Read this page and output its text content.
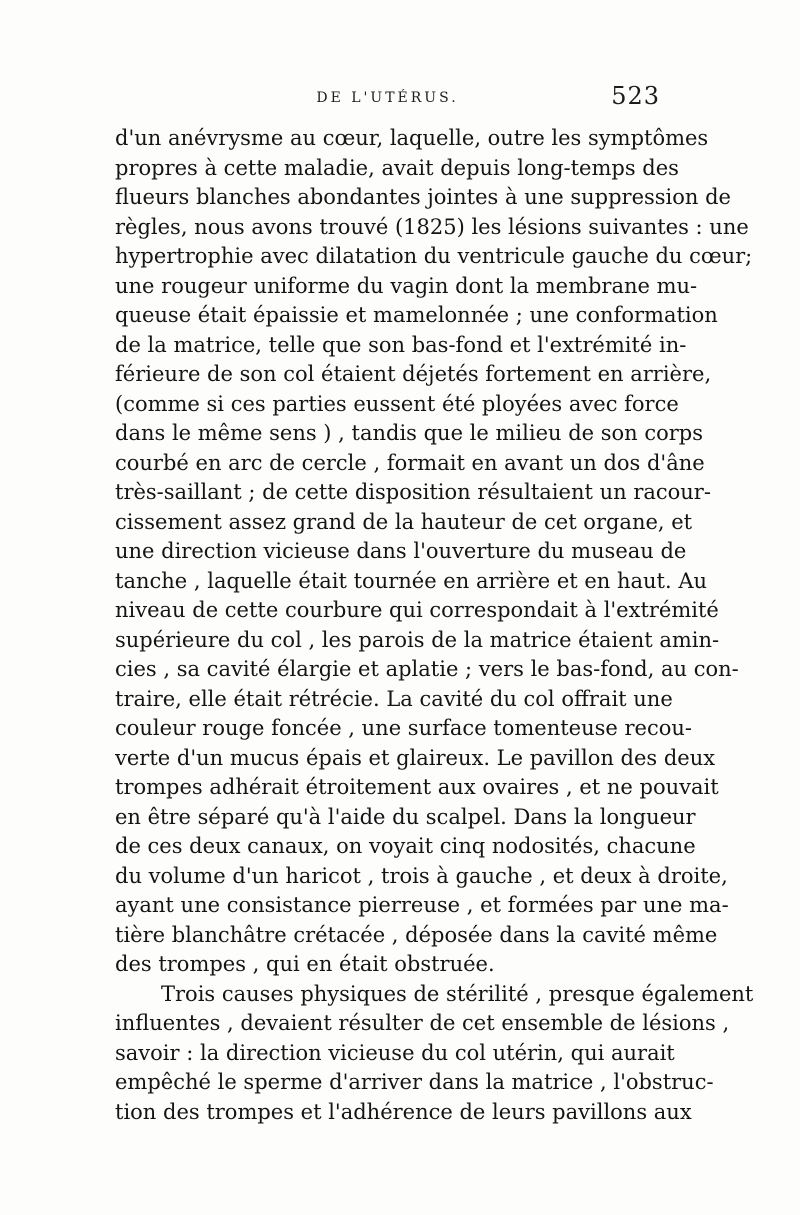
DE L'UTÉRUS.	523
d'un anévrysme au cœur, laquelle, outre les symptômes
propres à cette maladie, avait depuis long-temps des
flueurs blanches abondantes jointes à une suppression de
règles, nous avons trouvé (1825) les lésions suivantes : une
hypertrophie avec dilatation du ventricule gauche du cœur;
une rougeur uniforme du vagin dont la membrane mu-
queuse était épaissie et mamelonnée ; une conformation
de la matrice, telle que son bas-fond et l'extrémité in-
férieure de son col étaient déjetés fortement en arrière,
(comme si ces parties eussent été ployées avec force
dans le même sens ) , tandis que le milieu de son corps
courbé en arc de cercle , formait en avant un dos d'âne
très-saillant ; de cette disposition résultaient un racour-
cissement assez grand de la hauteur de cet organe, et
une direction vicieuse dans l'ouverture du museau de
tanche , laquelle était tournée en arrière et en haut. Au
niveau de cette courbure qui correspondait à l'extrémité
supérieure du col , les parois de la matrice étaient amin-
cies , sa cavité élargie et aplatie ; vers le bas-fond, au con-
traire, elle était rétrécie. La cavité du col offrait une
couleur rouge foncée , une surface tomenteuse recou-
verte d'un mucus épais et glaireux. Le pavillon des deux
trompes adhérait étroitement aux ovaires , et ne pouvait
en être séparé qu'à l'aide du scalpel. Dans la longueur
de ces deux canaux, on voyait cinq nodosités, chacune
du volume d'un haricot , trois à gauche , et deux à droite,
ayant une consistance pierreuse , et formées par une ma-
tière blanchâtre crétacée , déposée dans la cavité même
des trompes , qui en était obstruée.
Trois causes physiques de stérilité , presque également
influentes , devaient résulter de cet ensemble de lésions ,
savoir : la direction vicieuse du col utérin, qui aurait
empêché le sperme d'arriver dans la matrice , l'obstruc-
tion des trompes et l'adhérence de leurs pavillons aux
